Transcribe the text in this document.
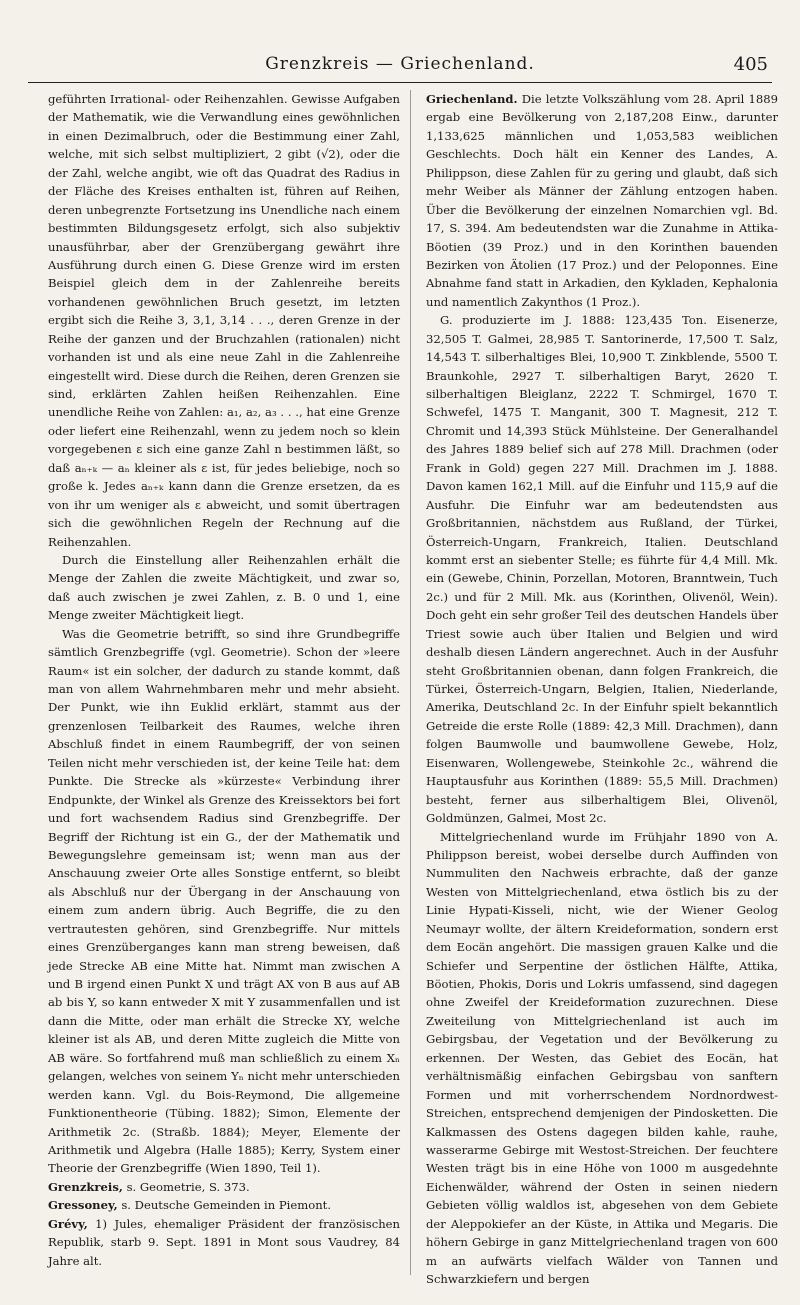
Grenzkreis — Griechenland.	405

geführten Irrational- oder Reihenzahlen. Gewisse Aufgaben der Mathematik, wie die Verwandlung eines gewöhnlichen in einen Dezimalbruch, oder die Bestimmung einer Zahl, welche, mit sich selbst multipliziert, 2 gibt (√2), oder die der Zahl, welche angibt, wie oft das Quadrat des Radius in der Fläche des Kreises enthalten ist, führen auf Reihen, deren unbegrenzte Fortsetzung ins Unendliche nach einem bestimmten Bildungsgesetz erfolgt, sich also subjektiv unausführbar, aber der Grenzübergang gewährt ihre Ausführung durch einen G. Diese Grenze wird im ersten Beispiel gleich dem in der Zahlenreihe bereits vorhandenen gewöhnlichen Bruch gesetzt, im letzten ergibt sich die Reihe 3, 3,1, 3,14 . . ., deren Grenze in der Reihe der ganzen und der Bruchzahlen (rationalen) nicht vorhanden ist und als eine neue Zahl in die Zahlenreihe eingestellt wird. Diese durch die Reihen, deren Grenzen sie sind, erklärten Zahlen heißen Reihenzahlen. Eine unendliche Reihe von Zahlen: a₁, a₂, a₃ . . ., hat eine Grenze oder liefert eine Reihenzahl, wenn zu jedem noch so klein vorgegebenen ε sich eine ganze Zahl n bestimmen läßt, so daß aₙ₊ₖ — aₙ kleiner als ε ist, für jedes beliebige, noch so große k. Jedes aₙ₊ₖ kann dann die Grenze ersetzen, da es von ihr um weniger als ε abweicht, und somit übertragen sich die gewöhnlichen Regeln der Rechnung auf die Reihenzahlen.

Durch die Einstellung aller Reihenzahlen erhält die Menge der Zahlen die zweite Mächtigkeit, und zwar so, daß auch zwischen je zwei Zahlen, z. B. 0 und 1, eine Menge zweiter Mächtigkeit liegt.

Was die Geometrie betrifft, so sind ihre Grundbegriffe sämtlich Grenzbegriffe (vgl. Geometrie). Schon der »leere Raum« ist ein solcher, der dadurch zu stande kommt, daß man von allem Wahrnehmbaren mehr und mehr absieht. Der Punkt, wie ihn Euklid erklärt, stammt aus der grenzenlosen Teilbarkeit des Raumes, welche ihren Abschluß findet in einem Raumbegriff, der von seinen Teilen nicht mehr verschieden ist, der keine Teile hat: dem Punkte. Die Strecke als »kürzeste« Verbindung ihrer Endpunkte, der Winkel als Grenze des Kreissektors bei fort und fort wachsendem Radius sind Grenzbegriffe. Der Begriff der Richtung ist ein G., der der Mathematik und Bewegungslehre gemeinsam ist; wenn man aus der Anschauung zweier Orte alles Sonstige entfernt, so bleibt als Abschluß nur der Übergang in der Anschauung von einem zum andern übrig. Auch Begriffe, die zu den vertrautesten gehören, sind Grenzbegriffe. Nur mittels eines Grenzüberganges kann man streng beweisen, daß jede Strecke AB eine Mitte hat. Nimmt man zwischen A und B irgend einen Punkt X und trägt AX von B aus auf AB ab bis Y, so kann entweder X mit Y zusammenfallen und ist dann die Mitte, oder man erhält die Strecke XY, welche kleiner ist als AB, und deren Mitte zugleich die Mitte von AB wäre. So fortfahrend muß man schließlich zu einem Xₙ gelangen, welches von seinem Yₙ nicht mehr unterschieden werden kann. Vgl. du Bois-Reymond, Die allgemeine Funktionentheorie (Tübing. 1882); Simon, Elemente der Arithmetik 2c. (Straßb. 1884); Meyer, Elemente der Arithmetik und Algebra (Halle 1885); Kerry, System einer Theorie der Grenzbegriffe (Wien 1890, Teil 1).

Grenzkreis, s. Geometrie, S. 373.

Gressoney, s. Deutsche Gemeinden in Piemont.

Grévy, 1) Jules, ehemaliger Präsident der französischen Republik, starb 9. Sept. 1891 in Mont sous Vaudrey, 84 Jahre alt.

Griechenland. Die letzte Volkszählung vom 28. April 1889 ergab eine Bevölkerung von 2,187,208 Einw., darunter 1,133,625 männlichen und 1,053,583 weiblichen Geschlechts. Doch hält ein Kenner des Landes, A. Philippson, diese Zahlen für zu gering und glaubt, daß sich mehr Weiber als Männer der Zählung entzogen haben. Über die Bevölkerung der einzelnen Nomarchien vgl. Bd. 17, S. 394. Am bedeutendsten war die Zunahme in Attika-Böotien (39 Proz.) und in den Korinthen bauenden Bezirken von Ätolien (17 Proz.) und der Peloponnes. Eine Abnahme fand statt in Arkadien, den Kykladen, Kephalonia und namentlich Zakynthos (1 Proz.).

G. produzierte im J. 1888: 123,435 Ton. Eisenerze, 32,505 T. Galmei, 28,985 T. Santorinerde, 17,500 T. Salz, 14,543 T. silberhaltiges Blei, 10,900 T. Zinkblende, 5500 T. Braunkohle, 2927 T. silberhaltigen Baryt, 2620 T. silberhaltigen Bleiglanz, 2222 T. Schmirgel, 1670 T. Schwefel, 1475 T. Manganit, 300 T. Magnesit, 212 T. Chromit und 14,393 Stück Mühlsteine. Der Generalhandel des Jahres 1889 belief sich auf 278 Mill. Drachmen (oder Frank in Gold) gegen 227 Mill. Drachmen im J. 1888. Davon kamen 162,1 Mill. auf die Einfuhr und 115,9 auf die Ausfuhr. Die Einfuhr war am bedeutendsten aus Großbritannien, nächstdem aus Rußland, der Türkei, Österreich-Ungarn, Frankreich, Italien. Deutschland kommt erst an siebenter Stelle; es führte für 4,4 Mill. Mk. ein (Gewebe, Chinin, Porzellan, Motoren, Branntwein, Tuch 2c.) und für 2 Mill. Mk. aus (Korinthen, Olivenöl, Wein). Doch geht ein sehr großer Teil des deutschen Handels über Triest sowie auch über Italien und Belgien und wird deshalb diesen Ländern angerechnet. Auch in der Ausfuhr steht Großbritannien obenan, dann folgen Frankreich, die Türkei, Österreich-Ungarn, Belgien, Italien, Niederlande, Amerika, Deutschland 2c. In der Einfuhr spielt bekanntlich Getreide die erste Rolle (1889: 42,3 Mill. Drachmen), dann folgen Baumwolle und baumwollene Gewebe, Holz, Eisenwaren, Wollengewebe, Steinkohle 2c., während die Hauptausfuhr aus Korinthen (1889: 55,5 Mill. Drachmen) besteht, ferner aus silberhaltigem Blei, Olivenöl, Goldmünzen, Galmei, Most 2c.

Mittelgriechenland wurde im Frühjahr 1890 von A. Philippson bereist, wobei derselbe durch Auffinden von Nummuliten den Nachweis erbrachte, daß der ganze Westen von Mittelgriechenland, etwa östlich bis zu der Linie Hypati-Kisseli, nicht, wie der Wiener Geolog Neumayr wollte, der ältern Kreideformation, sondern erst dem Eocän angehört. Die massigen grauen Kalke und die Schiefer und Serpentine der östlichen Hälfte, Attika, Böotien, Phokis, Doris und Lokris umfassend, sind dagegen ohne Zweifel der Kreideformation zuzurechnen. Diese Zweiteilung von Mittelgriechenland ist auch im Gebirgsbau, der Vegetation und der Bevölkerung zu erkennen. Der Westen, das Gebiet des Eocän, hat verhältnismäßig einfachen Gebirgsbau von sanftern Formen und mit vorherrschendem Nordnordwest-Streichen, entsprechend demjenigen der Pindosketten. Die Kalkmassen des Ostens dagegen bilden kahle, rauhe, wasserarme Gebirge mit Westost-Streichen. Der feuchtere Westen trägt bis in eine Höhe von 1000 m ausgedehnte Eichenwälder, während der Osten in seinen niedern Gebieten völlig waldlos ist, abgesehen von dem Gebiete der Aleppokiefer an der Küste, in Attika und Megaris. Die höhern Gebirge in ganz Mittelgriechenland tragen von 600 m an aufwärts vielfach Wälder von Tannen und Schwarzkiefern und bergen
